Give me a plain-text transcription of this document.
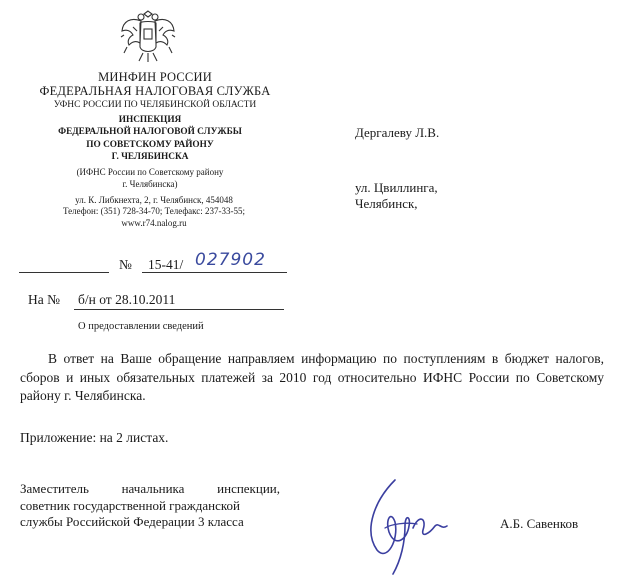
МИНФИН РОССИИ
ФЕДЕРАЛЬНАЯ НАЛОГОВАЯ СЛУЖБА
УФНС РОССИИ ПО ЧЕЛЯБИНСКОЙ ОБЛАСТИ
ИНСПЕКЦИЯ
ФЕДЕРАЛЬНОЙ НАЛОГОВОЙ СЛУЖБЫ
ПО СОВЕТСКОМУ РАЙОНУ
Г. ЧЕЛЯБИНСКА
(ИФНС России по Советскому району
г. Челябинска)
ул. К. Либкнехта, 2, г. Челябинск, 454048
Телефон: (351) 728-34-70; Телефакс: 237-33-55;
www.r74.nalog.ru
Дергалеву Л.В.
ул. Цвиллинга,
Челябинск,
№ 15-41/ 027902
На № б/н от 28.10.2011
О предоставлении сведений
В ответ на Ваше обращение направляем информацию по поступлениям в бюджет налогов, сборов и иных обязательных платежей за 2010 год относительно ИФНС России по Советскому району г. Челябинска.
Приложение: на 2 листах.
Заместитель начальника инспекции,
советник государственной гражданской
службы Российской Федерации 3 класса	А.Б. Савенков
